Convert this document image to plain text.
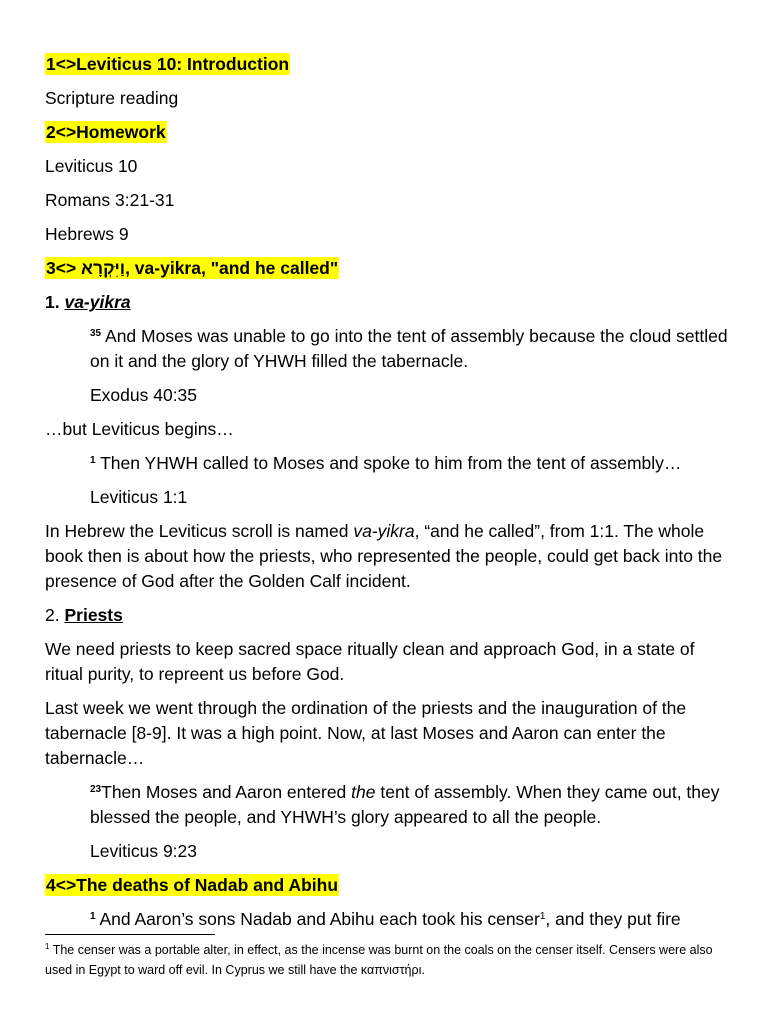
1<>Leviticus 10: Introduction

Scripture reading

2<>Homework

Leviticus 10

Romans 3:21-31

Hebrews 9

3<> וַיִּקְרָא, va-yikra, "and he called"

1. va-yikra

$^{35}$ And Moses was unable to go into the tent of assembly because the cloud settled on it and the glory of YHWH filled the tabernacle.

Exodus 40:35

…but Leviticus begins…

$^1$ Then YHWH called to Moses and spoke to him from the tent of assembly…

Leviticus 1:1

In Hebrew the Leviticus scroll is named va-yikra, “and he called”, from 1:1. The whole book then is about how the priests, who represented the people, could get back into the presence of God after the Golden Calf incident.

2. Priests

We need priests to keep sacred space ritually clean and approach God, in a state of ritual purity, to repreent us before God.

Last week we went through the ordination of the priests and the inauguration of the tabernacle [8-9]. It was a high point. Now, at last Moses and Aaron can enter the tabernacle…

$^{23}$Then Moses and Aaron entered the tent of assembly. When they came out, they blessed the people, and YHWH’s glory appeared to all the people.

Leviticus 9:23

4<>The deaths of Nadab and Abihu

$^1$ And Aaron’s sons Nadab and Abihu each took his censer$^1$, and they put fire
$^1$ The censer was a portable alter, in effect, as the incense was burnt on the coals on the censer itself. Censers were also used in Egypt to ward off evil. In Cyprus we still have the καπνιστήρι.
